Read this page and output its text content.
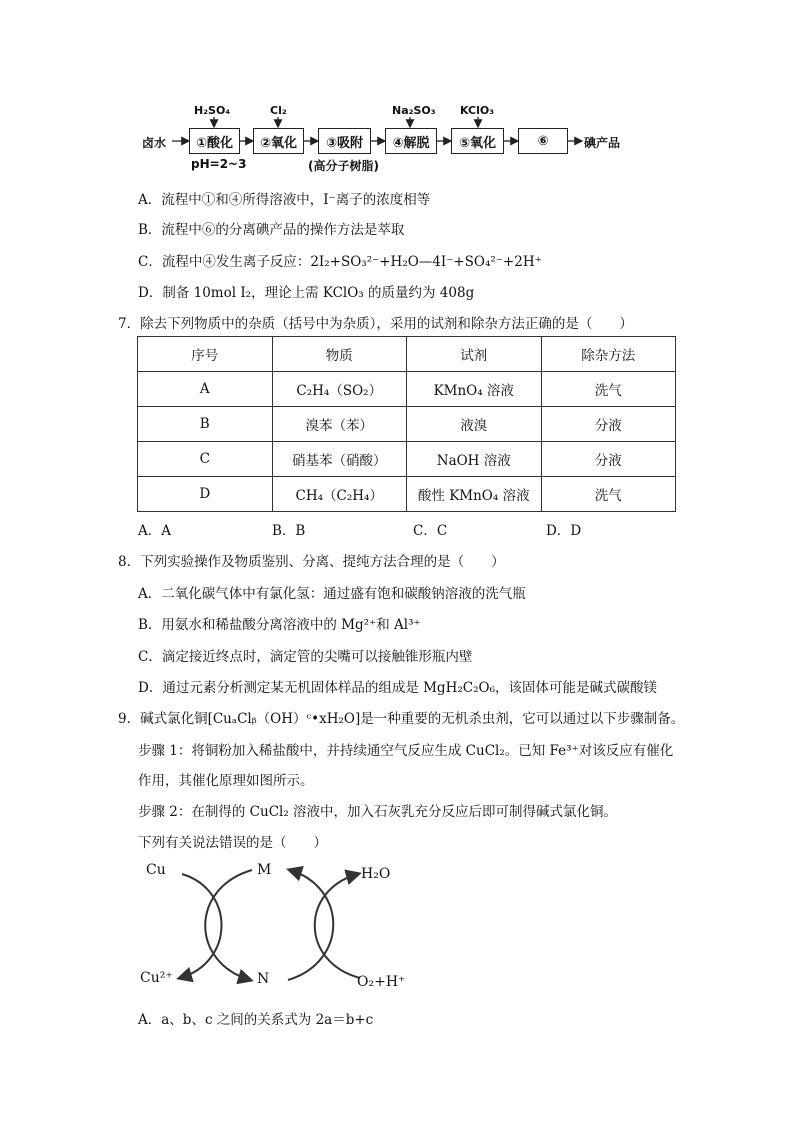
H₂SO₄	Cl₂	Na₂SO₃ KClO₃
卤水	①酸化	②氧化	③吸附	④解脱	⑤氧化	⑥	碘产品
pH=2~3	(高分子树脂)
A．流程中①和④所得溶液中，I⁻离子的浓度相等
B．流程中⑥的分离碘产品的操作方法是萃取
C．流程中④发生离子反应：2I₂+SO₃²⁻+H₂O—4I⁻+SO₄²⁻+2H⁺
D．制备 10mol I₂，理论上需 KClO₃ 的质量约为 408g
7．除去下列物质中的杂质（括号中为杂质），采用的试剂和除杂方法正确的是（　　）
序号	物质	试剂	除杂方法
A	C₂H₄（SO₂）	KMnO₄ 溶液	洗气
B	溴苯（苯）	液溴	分液
C	硝基苯（硝酸）	NaOH 溶液	分液
D	CH₄（C₂H₄）	酸性 KMnO₄ 溶液	洗气
A．A	B．B	C．C	D．D
8．下列实验操作及物质鉴别、分离、提纯方法合理的是（　　）
A．二氧化碳气体中有氯化氢：通过盛有饱和碳酸钠溶液的洗气瓶
B．用氨水和稀盐酸分离溶液中的 Mg²⁺和 Al³⁺
C．滴定接近终点时，滴定管的尖嘴可以接触锥形瓶内壁
D．通过元素分析测定某无机固体样品的组成是 MgH₂C₂O₆，该固体可能是碱式碳酸镁
9．碱式氯化铜[CuₐClᵦ（OH）ᶜ•xH₂O]是一种重要的无机杀虫剂，它可以通过以下步骤制备。
步骤 1：将铜粉加入稀盐酸中，并持续通空气反应生成 CuCl₂。已知 Fe³⁺对该反应有催化
作用，其催化原理如图所示。
步骤 2：在制得的 CuCl₂ 溶液中，加入石灰乳充分反应后即可制得碱式氯化铜。
下列有关说法错误的是（　　）
Cu
Cu²⁺
M
N
H₂O
O₂+H⁺
A．a、b、c 之间的关系式为 2a＝b+c
